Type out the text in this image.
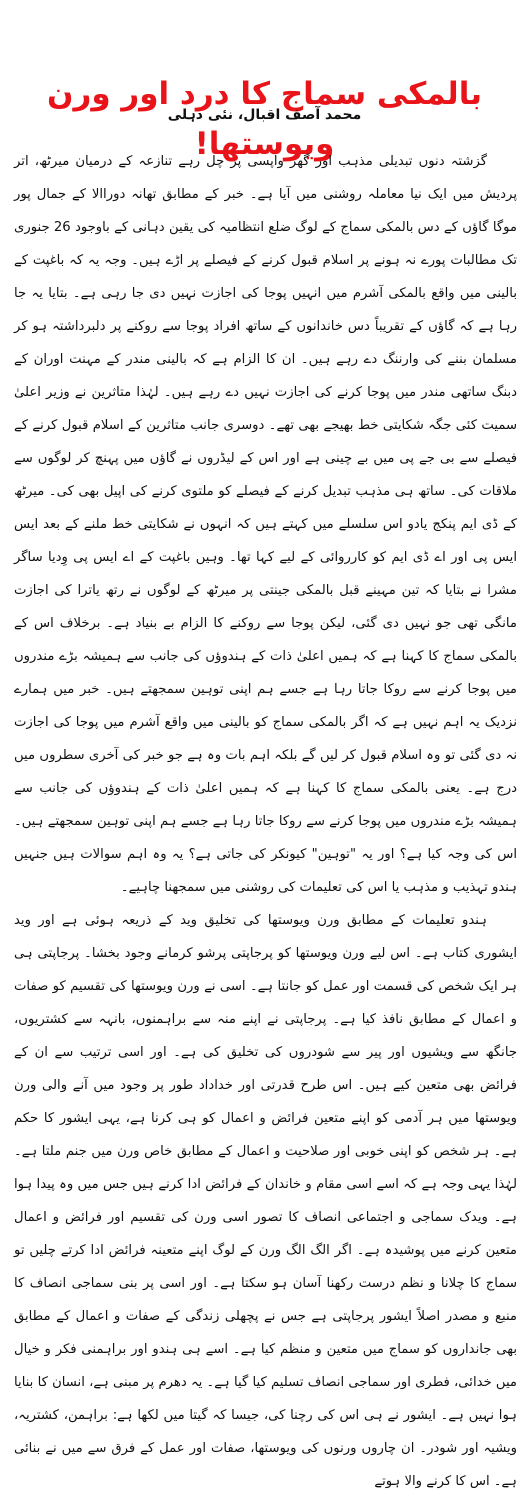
بالمکی سماج کا درد اور ورن ویوستھا!
محمد آصف اقبال، نئی دہلی

گزشتہ دنوں تبدیلی مذہب اور گھر واپسی پر چل رہے تنازعہ کے درمیان میرٹھ، اتر پردیش میں ایک نیا معاملہ روشنی میں آیا ہے۔ خبر کے مطابق تھانہ دوراالا کے جمال پور موگا گاؤں کے دس بالمکی سماج کے لوگ ضلع انتظامیہ کی یقین دہانی کے باوجود 26 جنوری تک مطالبات پورے نہ ہونے پر اسلام قبول کرنے کے فیصلے پر اڑے ہیں۔ وجہ یہ کہ باغپت کے بالینی میں واقع بالمکی آشرم میں انہیں پوجا کی اجازت نہیں دی جا رہی ہے۔ بتایا یہ جا رہا ہے کہ گاؤں کے تقریباً دس خاندانوں کے ساتھ افراد پوجا سے روکنے پر دلبرداشتہ ہو کر مسلمان بننے کی وارننگ دے رہے ہیں۔ ان کا الزام ہے کہ بالینی مندر کے مہنت اوران کے دبنگ ساتھی مندر میں پوجا کرنے کی اجازت نہیں دے رہے ہیں۔ لہٰذا متاثرین نے وزیر اعلیٰ سمیت کئی جگہ شکایتی خط بھیجے بھی تھے۔ دوسری جانب متاثرین کے اسلام قبول کرنے کے فیصلے سے بی جے پی میں بے چینی ہے اور اس کے لیڈروں نے گاؤں میں پہنچ کر لوگوں سے ملاقات کی۔ ساتھ ہی مذہب تبدیل کرنے کے فیصلے کو ملتوی کرنے کی اپیل بھی کی۔ میرٹھ کے ڈی ایم پنکج یادو اس سلسلے میں کہتے ہیں کہ انہوں نے شکایتی خط ملنے کے بعد ایس ایس پی اور اے ڈی ایم کو کارروائی کے لیے کہا تھا۔ وہیں باغپت کے اے ایس پی وِدیا ساگر مشرا نے بتایا کہ تین مہینے قبل بالمکی جینتی پر میرٹھ کے لوگوں نے رتھ یاترا کی اجازت مانگی تھی جو نہیں دی گئی، لیکن پوجا سے روکنے کا الزام بے بنیاد ہے۔ برخلاف اس کے بالمکی سماج کا کہنا ہے کہ ہمیں اعلیٰ ذات کے ہندوؤں کی جانب سے ہمیشہ بڑے مندروں میں پوجا کرنے سے روکا جاتا رہا ہے جسے ہم اپنی توہین سمجھتے ہیں۔ خبر میں ہمارے نزدیک یہ اہم نہیں ہے کہ اگر بالمکی سماج کو بالینی میں واقع آشرم میں پوجا کی اجازت نہ دی گئی تو وہ اسلام قبول کر لیں گے بلکہ اہم بات وہ ہے جو خبر کی آخری سطروں میں درج ہے۔ یعنی بالمکی سماج کا کہنا ہے کہ ہمیں اعلیٰ ذات کے ہندوؤں کی جانب سے ہمیشہ بڑے مندروں میں پوجا کرنے سے روکا جاتا رہا ہے جسے ہم اپنی توہین سمجھتے ہیں۔ اس کی وجہ کیا ہے؟ اور یہ "توہین" کیونکر کی جاتی ہے؟ یہ وہ اہم سوالات ہیں جنہیں ہندو تہذیب و مذہب یا اس کی تعلیمات کی روشنی میں سمجھنا چاہیے۔

ہندو تعلیمات کے مطابق ورن ویوستھا کی تخلیق وید کے ذریعہ ہوئی ہے اور وید ایشوری کتاب ہے۔ اس لیے ورن ویوستھا کو پرجاپتی پرشو کرمانے وجود بخشا۔ پرجاپتی ہی ہر ایک شخص کی قسمت اور عمل کو جانتا ہے۔ اسی نے ورن ویوستھا کی تقسیم کو صفات و اعمال کے مطابق نافذ کیا ہے۔ پرجاپتی نے اپنے منہ سے براہمنوں، بانہہ سے کشتریوں، جانگھ سے ویشیوں اور پیر سے شودروں کی تخلیق کی ہے۔ اور اسی ترتیب سے ان کے فرائض بھی متعین کیے ہیں۔ اس طرح قدرتی اور خداداد طور پر وجود میں آنے والی ورن ویوستھا میں ہر آدمی کو اپنے متعین فرائض و اعمال کو ہی کرنا ہے، یہی ایشور کا حکم ہے۔ ہر شخص کو اپنی خوبی اور صلاحیت و اعمال کے مطابق خاص ورن میں جنم ملتا ہے۔ لہٰذا یہی وجہ ہے کہ اسے اسی مقام و خاندان کے فرائض ادا کرنے ہیں جس میں وہ پیدا ہوا ہے۔ ویدک سماجی و اجتماعی انصاف کا تصور اسی ورن کی تقسیم اور فرائض و اعمال متعین کرنے میں پوشیدہ ہے۔ اگر الگ الگ ورن کے لوگ اپنے متعینہ فرائض ادا کرتے چلیں تو سماج کا چلانا و نظم درست رکھنا آسان ہو سکتا ہے۔ اور اسی پر بنی سماجی انصاف کا منبع و مصدر اصلاً ایشور پرجاپتی ہے جس نے پچھلی زندگی کے صفات و اعمال کے مطابق بھی جانداروں کو سماج میں متعین و منظم کیا ہے۔ اسے ہی ہندو اور براہمنی فکر و خیال میں خدائی، فطری اور سماجی انصاف تسلیم کیا گیا ہے۔ یہ دھرم پر مبنی ہے، انسان کا بنایا ہوا نہیں ہے۔ ایشور نے ہی اس کی رچنا کی، جیسا کہ گیتا میں لکھا ہے: براہمن، کشتریہ، ویشیہ اور شودر۔ ان چاروں ورنوں کی ویوستھا، صفات اور عمل کے فرق سے میں نے بنائی ہے۔ اس کا کرنے والا ہوتے
